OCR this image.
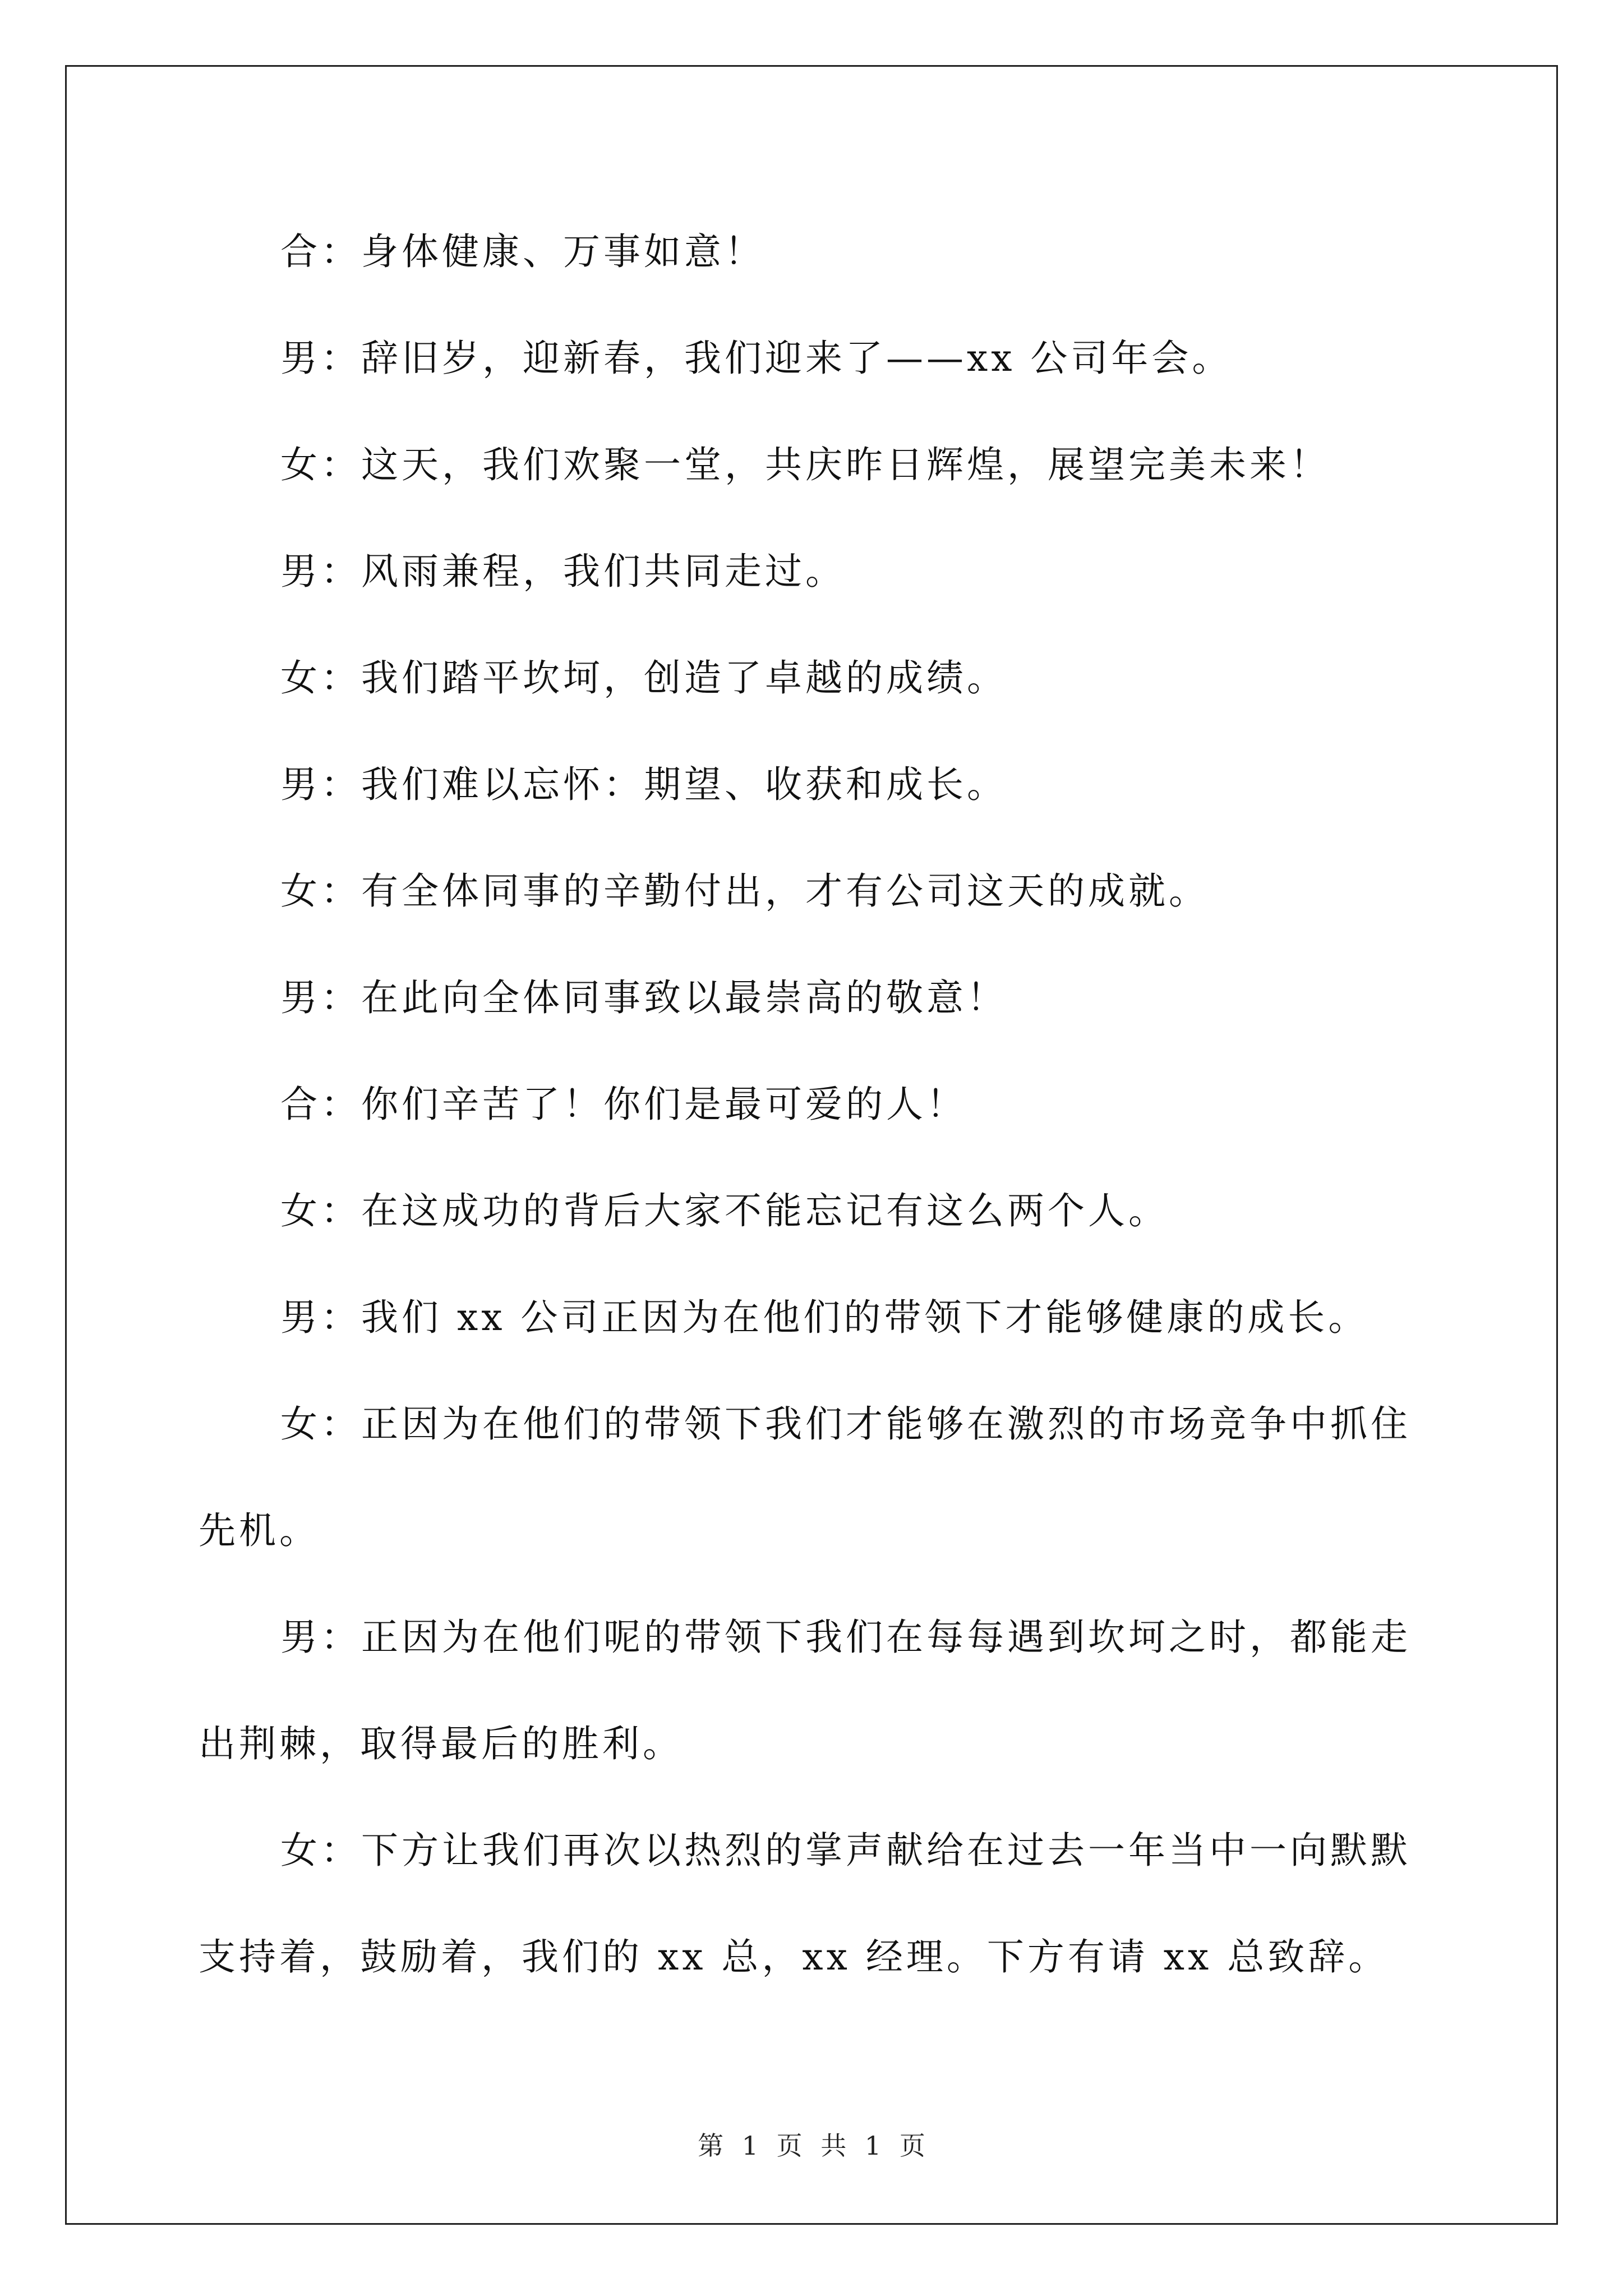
合：身体健康、万事如意！
男：辞旧岁，迎新春，我们迎来了——xx 公司年会。
女：这天，我们欢聚一堂，共庆昨日辉煌，展望完美未来！
男：风雨兼程，我们共同走过。
女：我们踏平坎坷，创造了卓越的成绩。
男：我们难以忘怀：期望、收获和成长。
女：有全体同事的辛勤付出，才有公司这天的成就。
男：在此向全体同事致以最崇高的敬意！
合：你们辛苦了！你们是最可爱的人！
女：在这成功的背后大家不能忘记有这么两个人。
男：我们 xx 公司正因为在他们的带领下才能够健康的成长。
女：正因为在他们的带领下我们才能够在激烈的市场竞争中抓住
先机。
男：正因为在他们呢的带领下我们在每每遇到坎坷之时，都能走
出荆棘，取得最后的胜利。
女：下方让我们再次以热烈的掌声献给在过去一年当中一向默默
支持着，鼓励着，我们的 xx 总，xx 经理。下方有请 xx 总致辞。
第 1 页 共 1 页
